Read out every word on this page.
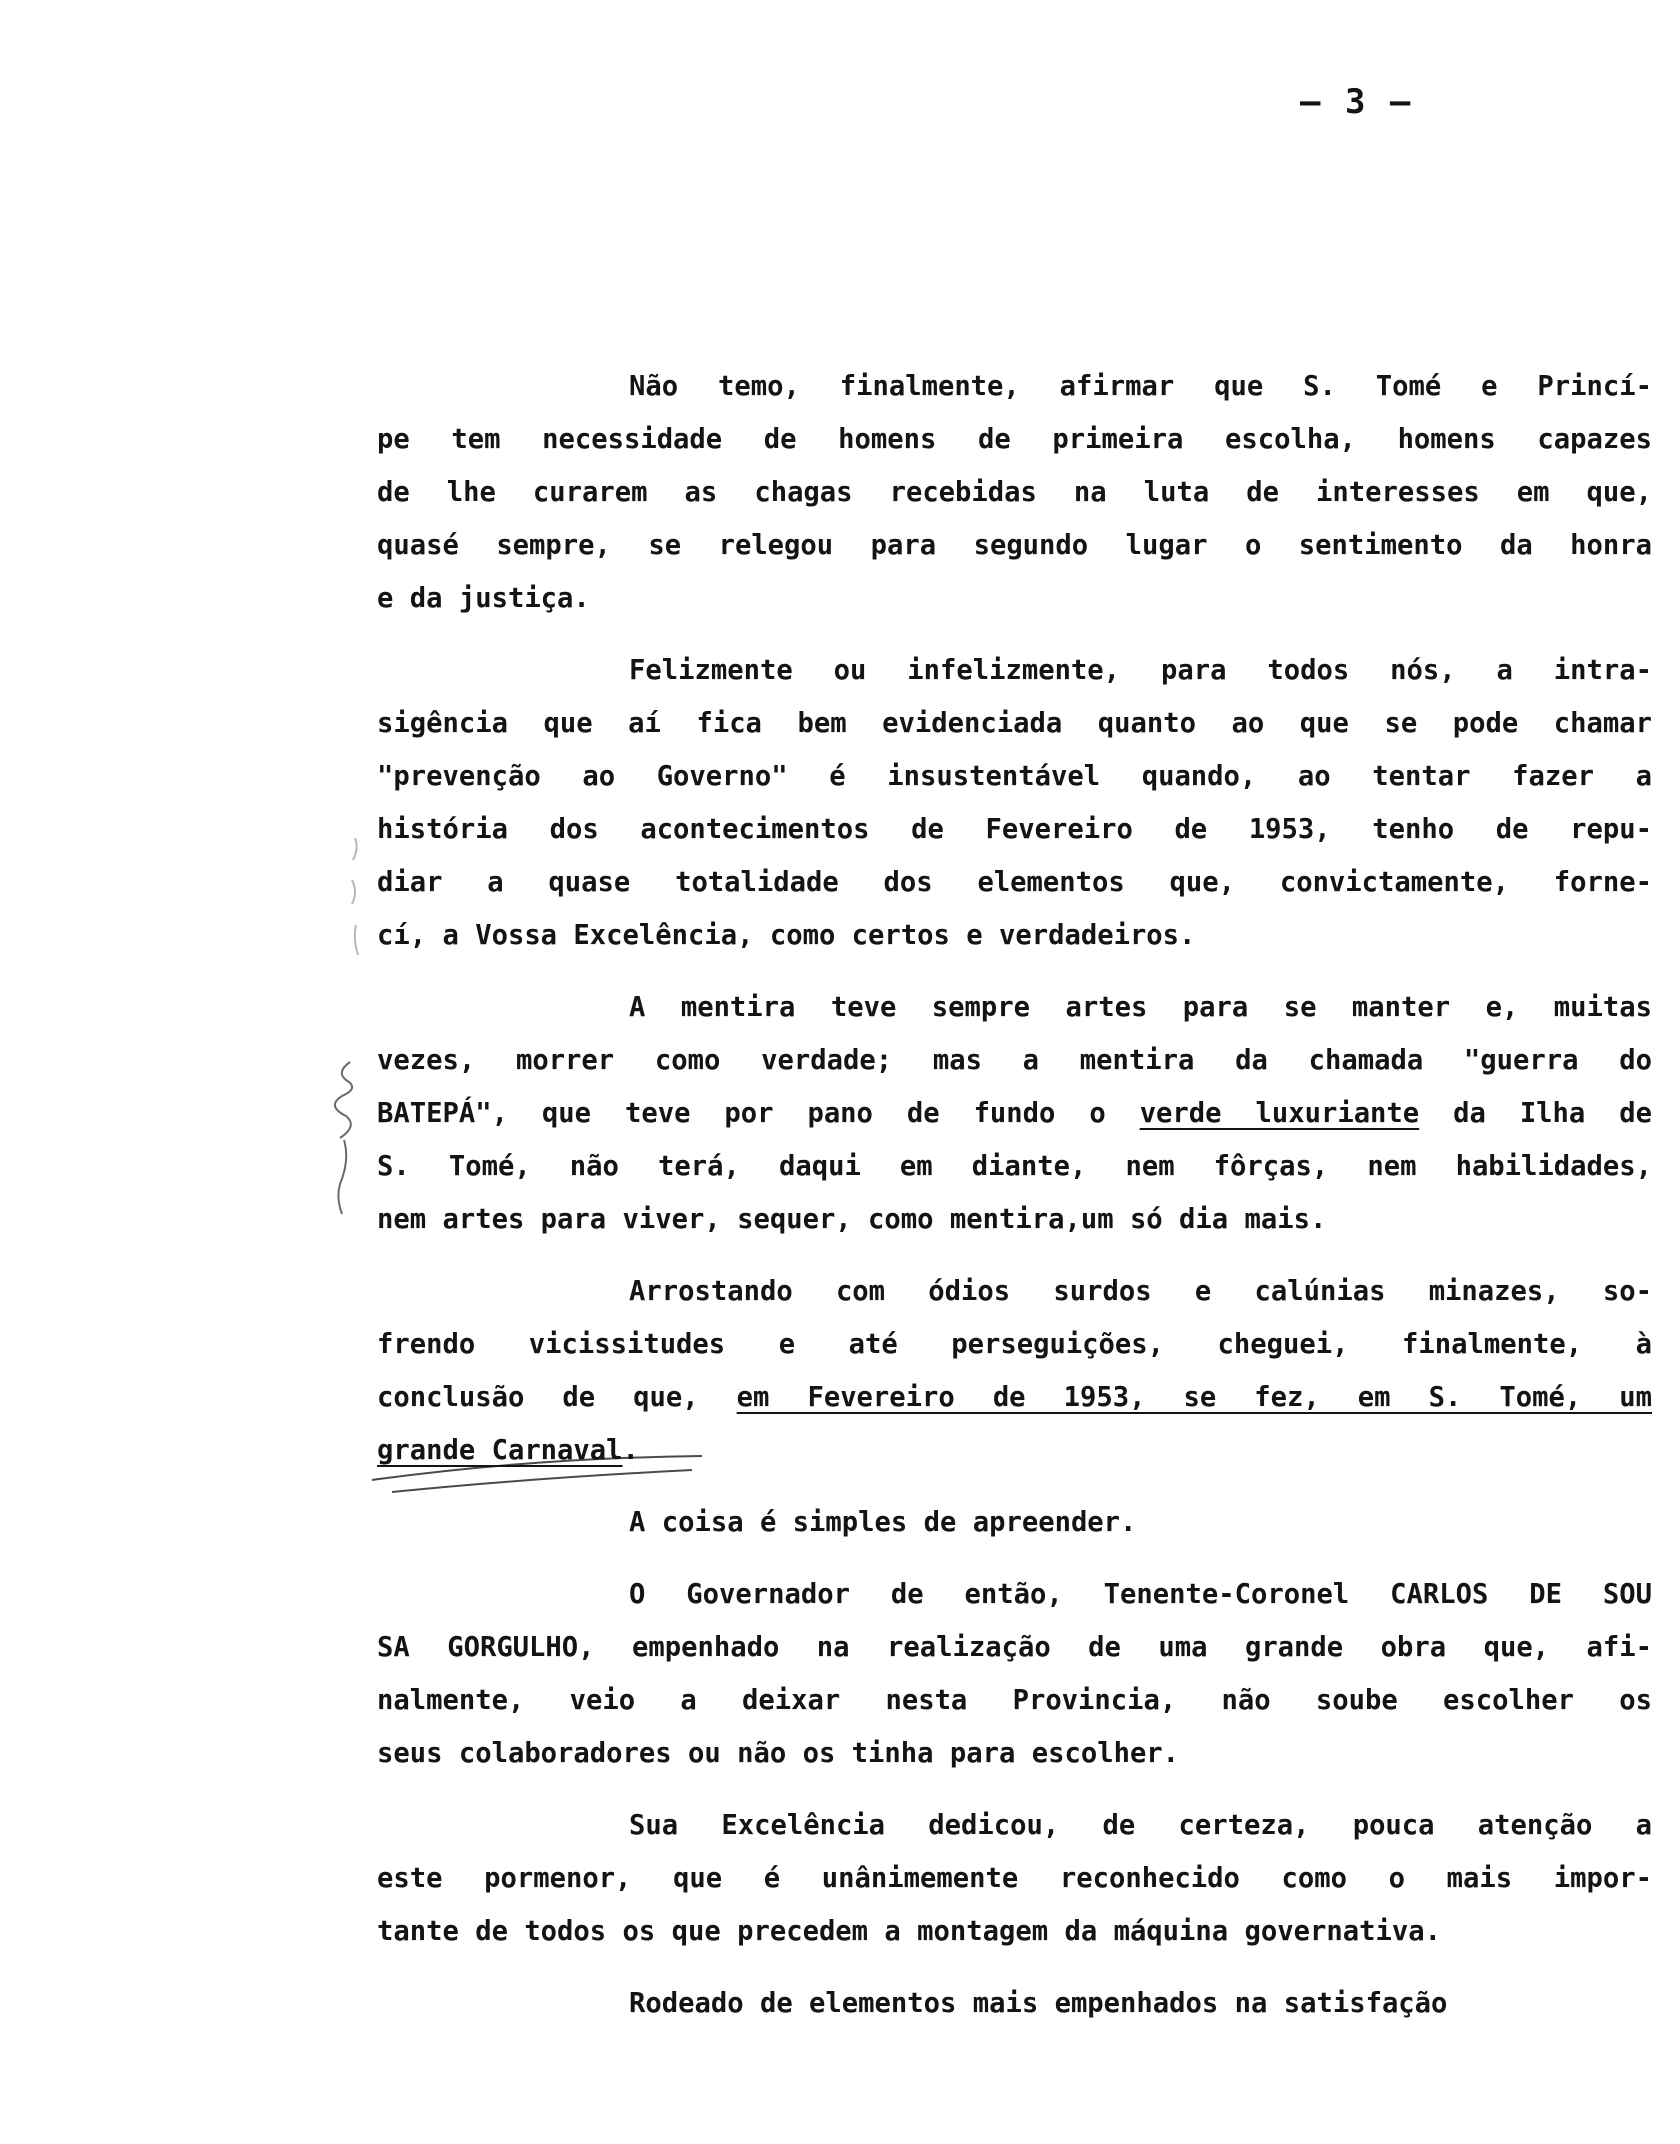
— 3 —
Não temo, finalmente, afirmar que S. Tomé e Princí-
pe tem necessidade de homens de primeira escolha, homens capazes
de lhe curarem as chagas recebidas na luta de interesses em que,
quasé sempre, se relegou para segundo lugar o sentimento da honra
e da justiça.
Felizmente ou infelizmente, para todos nós, a intra-
sigência que aí fica bem evidenciada quanto ao que se pode chamar
"prevenção ao Governo" é insustentável quando, ao tentar fazer a
história dos acontecimentos de Fevereiro de 1953, tenho de repu-
diar a quase totalidade dos elementos que, convictamente, forne-
cí, a Vossa Excelência, como certos e verdadeiros.
A mentira teve sempre artes para se manter e, muitas
vezes, morrer como verdade; mas a mentira da chamada "guerra do
BATEPÁ", que teve por pano de fundo o verde luxuriante da Ilha de
S. Tomé, não terá, daqui em diante, nem fôrças, nem habilidades,
nem artes para viver, sequer, como mentira,um só dia mais.
Arrostando com ódios surdos e calúnias minazes, so-
frendo vicissitudes e até perseguições, cheguei, finalmente, à
conclusão de que, em Fevereiro de 1953, se fez, em S. Tomé, um
grande Carnaval.
A coisa é simples de apreender.
O Governador de então, Tenente-Coronel CARLOS DE SOU
SA GORGULHO, empenhado na realização de uma grande obra que, afi-
nalmente, veio a deixar nesta Provincia, não soube escolher os
seus colaboradores ou não os tinha para escolher.
Sua Excelência dedicou, de certeza, pouca atenção a
este pormenor, que é unânimemente reconhecido como o mais impor-
tante de todos os que precedem a montagem da máquina governativa.
Rodeado de elementos mais empenhados na satisfação
